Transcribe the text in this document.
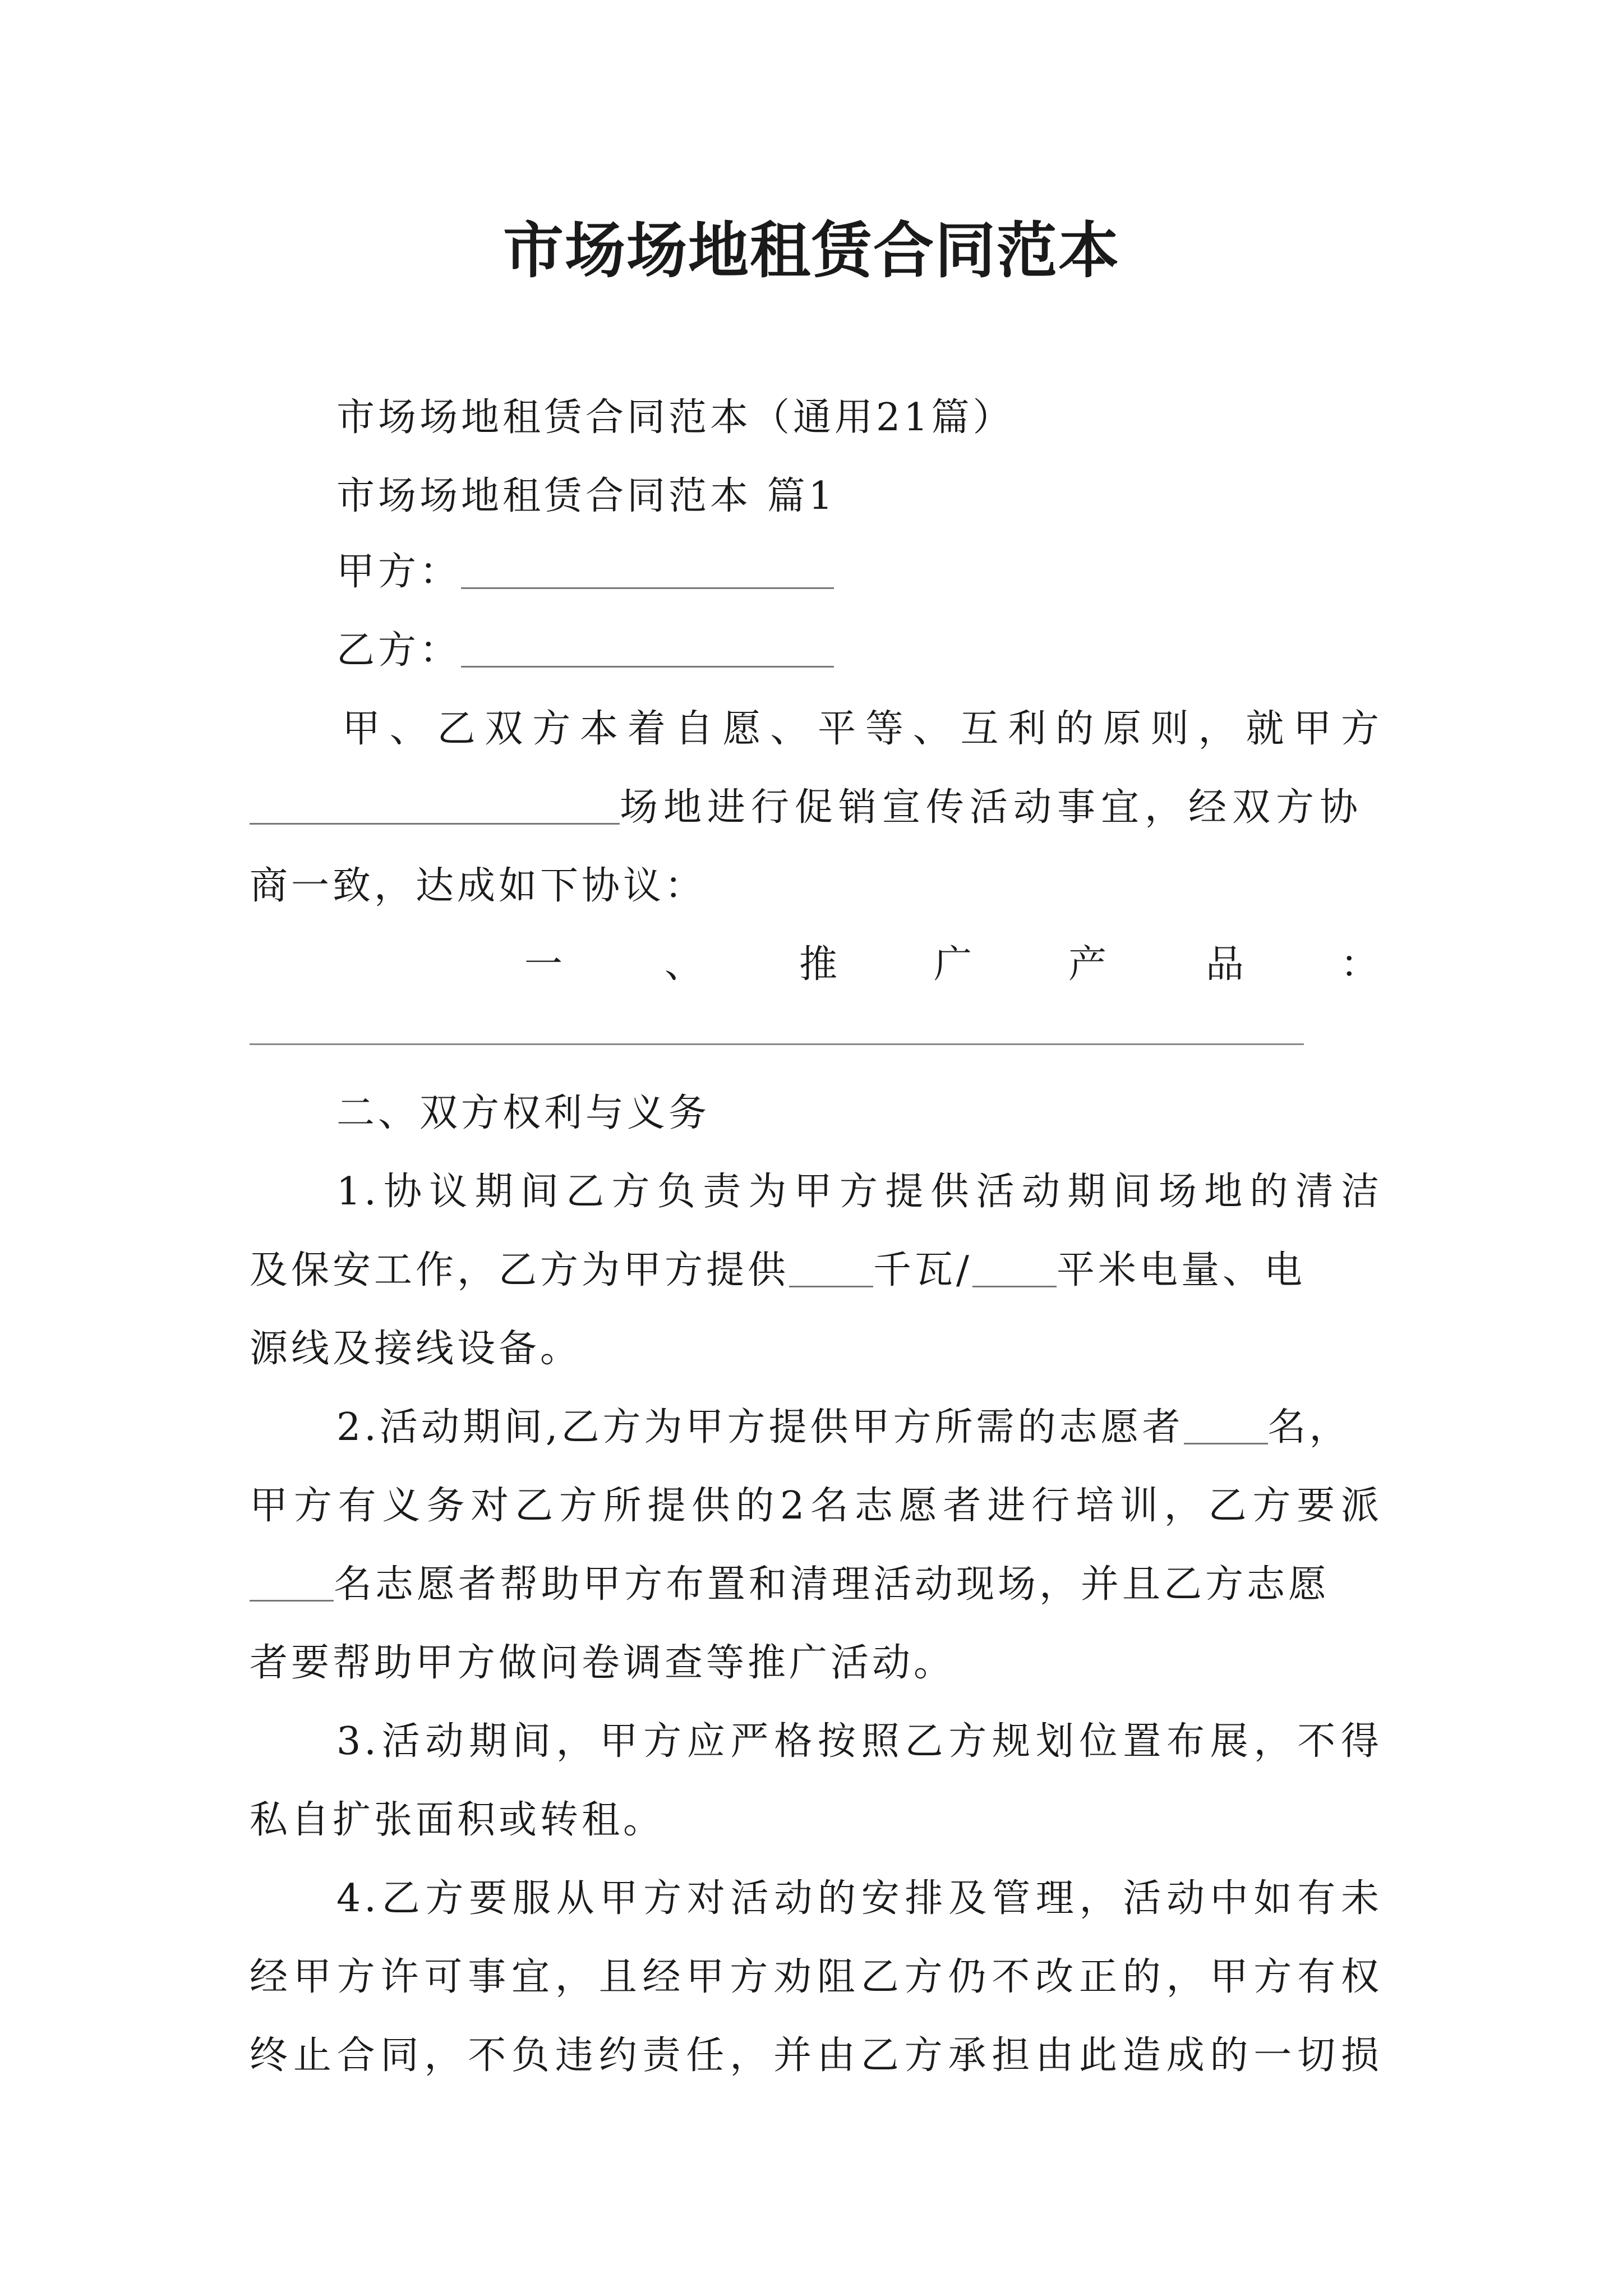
市场场地租赁合同范本
市场场地租赁合同范本（通用21篇）
市场场地租赁合同范本 篇1
甲方：
乙方：
甲、乙双方本着自愿、平等、互利的原则，就甲方
场地进行促销宣传活动事宜，经双方协
商一致，达成如下协议：
一	、	推	广	产	品	：
二、双方权利与义务
1.协议期间乙方负责为甲方提供活动期间场地的清洁
及保安工作，乙方为甲方提供 千瓦/ 平米电量、电
源线及接线设备。
2.活动期间,乙方为甲方提供甲方所需的志愿者 名，
甲方有义务对乙方所提供的2名志愿者进行培训，乙方要派
名志愿者帮助甲方布置和清理活动现场，并且乙方志愿
者要帮助甲方做问卷调查等推广活动。
3.活动期间，甲方应严格按照乙方规划位置布展，不得
私自扩张面积或转租。
4.乙方要服从甲方对活动的安排及管理，活动中如有未
经甲方许可事宜，且经甲方劝阻乙方仍不改正的，甲方有权
终止合同，不负违约责任，并由乙方承担由此造成的一切损
